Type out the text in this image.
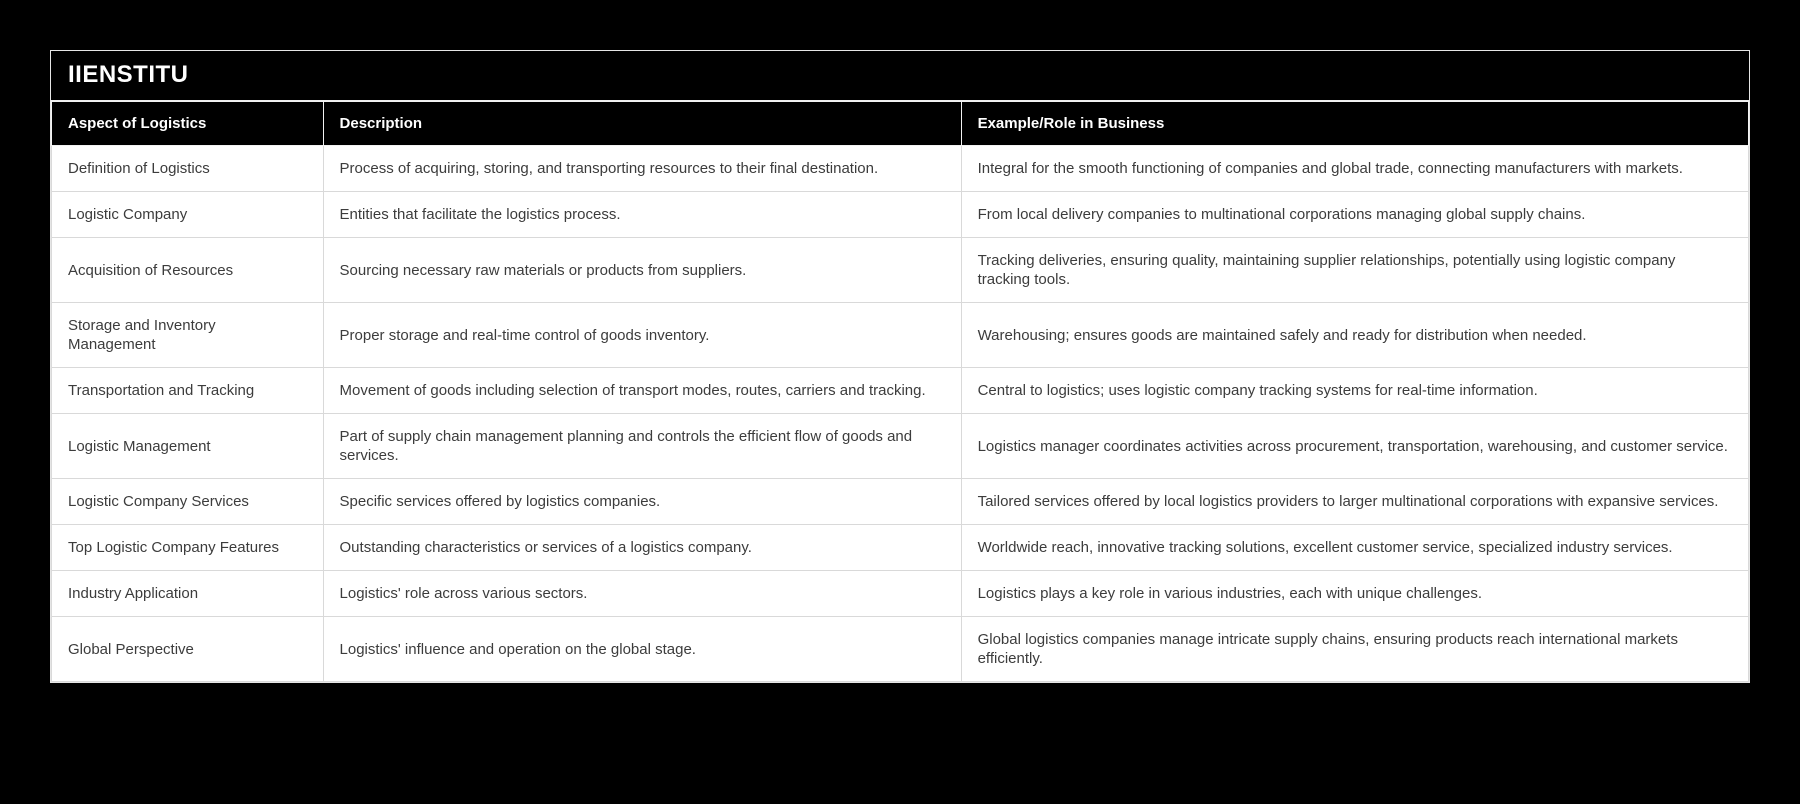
IIENSTITU
Aspect of Logistics	Description	Example/Role in Business
Definition of Logistics	Process of acquiring, storing, and transporting resources to their final destination.	Integral for the smooth functioning of companies and global trade, connecting manufacturers with markets.
Logistic Company	Entities that facilitate the logistics process.	From local delivery companies to multinational corporations managing global supply chains.
Acquisition of Resources	Sourcing necessary raw materials or products from suppliers.	Tracking deliveries, ensuring quality, maintaining supplier relationships, potentially using logistic company tracking tools.
Storage and Inventory Management	Proper storage and real-time control of goods inventory.	Warehousing; ensures goods are maintained safely and ready for distribution when needed.
Transportation and Tracking	Movement of goods including selection of transport modes, routes, carriers and tracking.	Central to logistics; uses logistic company tracking systems for real-time information.
Logistic Management	Part of supply chain management planning and controls the efficient flow of goods and services.	Logistics manager coordinates activities across procurement, transportation, warehousing, and customer service.
Logistic Company Services	Specific services offered by logistics companies.	Tailored services offered by local logistics providers to larger multinational corporations with expansive services.
Top Logistic Company Features	Outstanding characteristics or services of a logistics company.	Worldwide reach, innovative tracking solutions, excellent customer service, specialized industry services.
Industry Application	Logistics' role across various sectors.	Logistics plays a key role in various industries, each with unique challenges.
Global Perspective	Logistics' influence and operation on the global stage.	Global logistics companies manage intricate supply chains, ensuring products reach international markets efficiently.
